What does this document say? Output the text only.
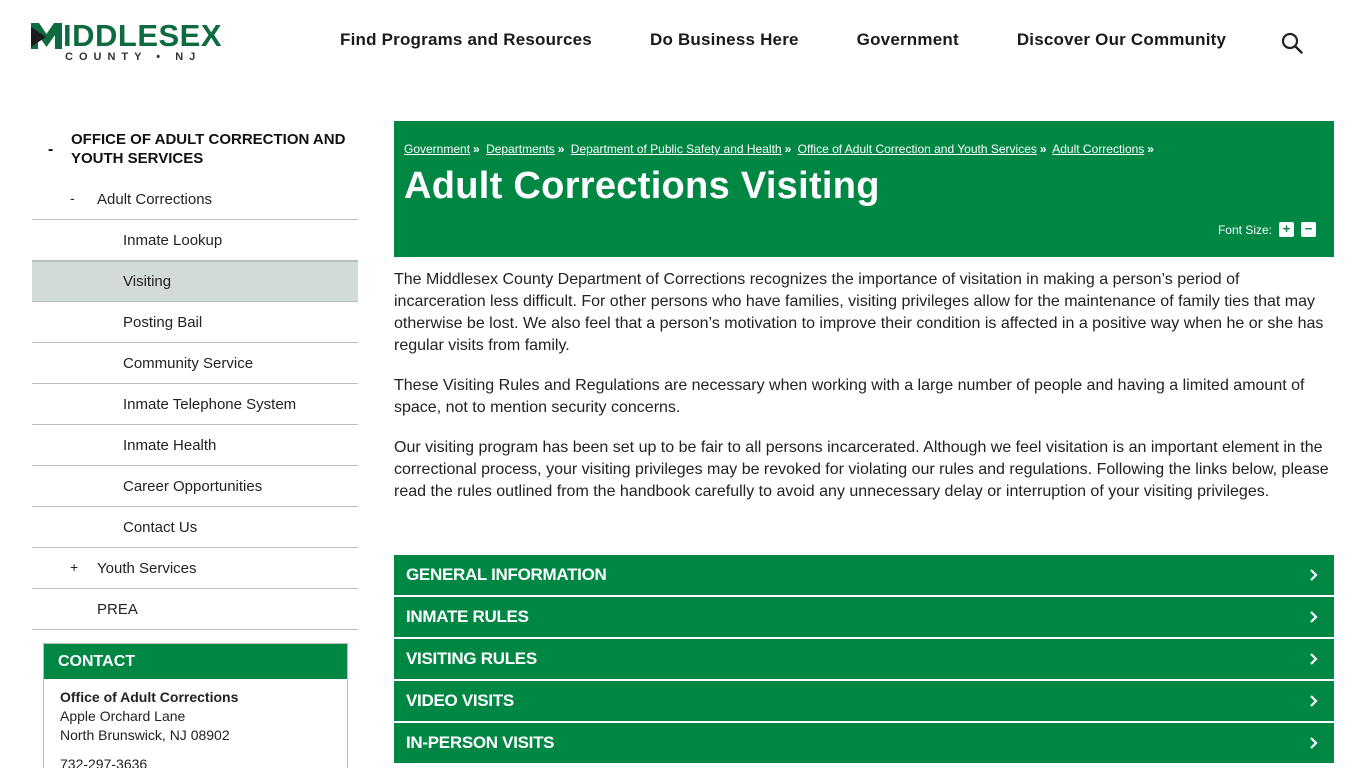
IDDLESEX
COUNTY • NJ
Find Programs and Resources	Do Business Here	Government	Discover Our Community
-
OFFICE OF ADULT CORRECTION AND YOUTH SERVICES
- Adult Corrections
Inmate Lookup
Visiting
Posting Bail
Community Service
Inmate Telephone System
Inmate Health
Career Opportunities
Contact Us
+ Youth Services
PREA
CONTACT
Office of Adult Corrections
Apple Orchard Lane
North Brunswick, NJ 08902
732-297-3636
Government » Departments » Department of Public Safety and Health » Office of Adult Correction and Youth Services » Adult Corrections »
Adult Corrections Visiting
Font Size: + −

The Middlesex County Department of Corrections recognizes the importance of visitation in making a person’s period of incarceration less difficult. For other persons who have families, visiting privileges allow for the maintenance of family ties that may otherwise be lost. We also feel that a person’s motivation to improve their condition is affected in a positive way when he or she has regular visits from family.

These Visiting Rules and Regulations are necessary when working with a large number of people and having a limited amount of space, not to mention security concerns.

Our visiting program has been set up to be fair to all persons incarcerated. Although we feel visitation is an important element in the correctional process, your visiting privileges may be revoked for violating our rules and regulations. Following the links below, please read the rules outlined from the handbook carefully to avoid any unnecessary delay or interruption of your visiting privileges.

GENERAL INFORMATION
INMATE RULES
VISITING RULES
VIDEO VISITS
IN-PERSON VISITS
